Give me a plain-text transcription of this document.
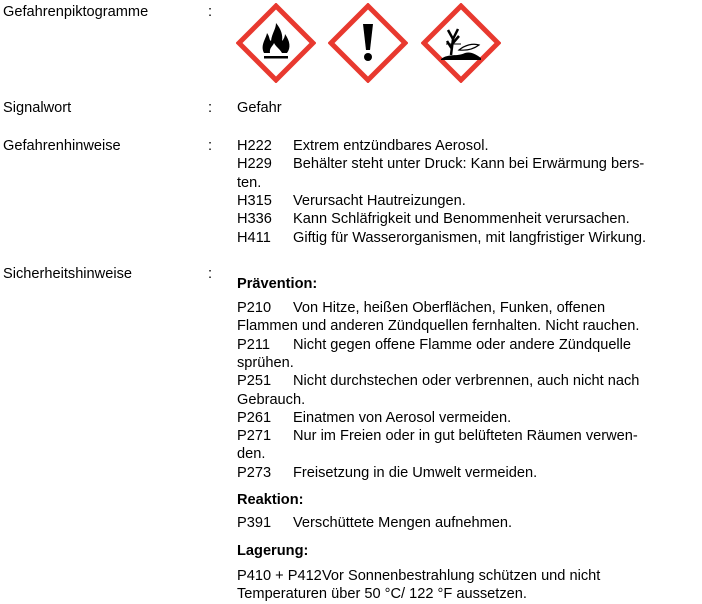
Gefahrenpiktogramme	:
Signalwort	: Gefahr
Gefahrenhinweise	: H222 Extrem entzündbares Aerosol.
H229 Behälter steht unter Druck: Kann bei Erwärmung bers-
ten.
H315 Verursacht Hautreizungen.
H336 Kann Schläfrigkeit und Benommenheit verursachen.
H411 Giftig für Wasserorganismen, mit langfristiger Wirkung.
Sicherheitshinweise	:
Prävention:
P210 Von Hitze, heißen Oberflächen, Funken, offenen
Flammen und anderen Zündquellen fernhalten. Nicht rauchen.
P211 Nicht gegen offene Flamme oder andere Zündquelle
sprühen.
P251 Nicht durchstechen oder verbrennen, auch nicht nach
Gebrauch.
P261 Einatmen von Aerosol vermeiden.
P271 Nur im Freien oder in gut belüfteten Räumen verwen-
den.
P273 Freisetzung in die Umwelt vermeiden.
Reaktion:
P391 Verschüttete Mengen aufnehmen.
Lagerung:
P410 + P412Vor Sonnenbestrahlung schützen und nicht
Temperaturen über 50 °C/ 122 °F aussetzen.
